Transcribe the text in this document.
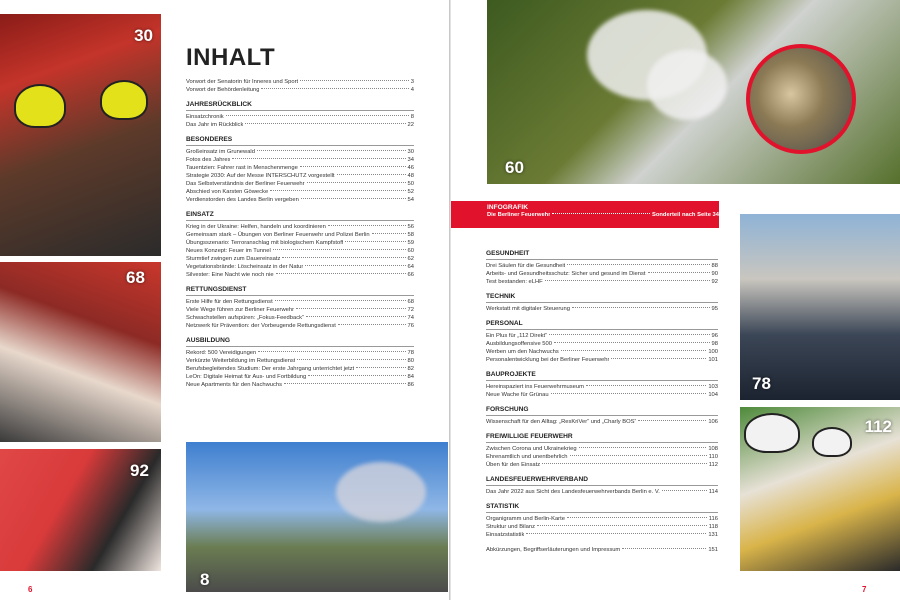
30
68
92
8
INHALT
Vorwort der Senatorin für Inneres und Sport	3
Vorwort der Behördenleitung	4
JAHRESRÜCKBLICK
Einsatzchronik	8
Das Jahr im Rückblick	22
BESONDERES
Großeinsatz im Grunewald	30
Fotos des Jahres	34
Tauentzien: Fahrer rast in Menschenmenge	46
Strategie 2030: Auf der Messe INTERSCHUTZ vorgestellt	48
Das Selbstverständnis der Berliner Feuerwehr	50
Abschied von Karsten Göwecke	52
Verdienstorden des Landes Berlin vergeben	54
EINSATZ
Krieg in der Ukraine: Helfen, handeln und koordinieren	56
Gemeinsam stark – Übungen von Berliner Feuerwehr und Polizei Berlin	58
Übungsszenario: Terroranschlag mit biologischem Kampfstoff	59
Neues Konzept: Feuer im Tunnel	60
Sturmtief zwingen zum Dauereinsatz	62
Vegetationsbrände: Löscheinsatz in der Natur	64
Silvester: Eine Nacht wie noch nie	66
RETTUNGSDIENST
Erste Hilfe für den Rettungsdienst	68
Viele Wege führen zur Berliner Feuerwehr	72
Schwachstellen aufspüren: „Fokus-Feedback“	74
Netzwerk für Prävention: der Vorbeugende Rettungsdienst	76
AUSBILDUNG
Rekord: 500 Vereidigungen	78
Verkürzte Weiterbildung im Rettungsdienst	80
Berufsbegleitendes Studium: Der erste Jahrgang unterrichtet jetzt	82
LeOn: Digitale Heimat für Aus- und Fortbildung	84
Neue Apartments für den Nachwuchs	86
60
78
112
INFOGRAFIK
Die Berliner Feuerwehr	Sonderteil nach Seite 34
GESUNDHEIT
Drei Säulen für die Gesundheit	88
Arbeits- und Gesundheitsschutz: Sicher und gesund im Dienst	90
Test bestanden: eLHF	92
TECHNIK
Werkstatt mit digitaler Steuerung	95
PERSONAL
Ein Plus für „112 Direkt“	96
Ausbildungsoffensive 500	98
Werben um den Nachwuchs	100
Personalentwicklung bei der Berliner Feuerwehr	101
BAUPROJEKTE
Hereinspaziert ins Feuerwehrmuseum	103
Neue Wache für Grünau	104
FORSCHUNG
Wissenschaft für den Alltag: „ResKriVer“ und „Charly BOS“	106
FREIWILLIGE FEUERWEHR
Zwischen Corona und Ukrainekrieg	108
Ehrenamtlich und unentbehrlich	110
Üben für den Einsatz	112
LANDESFEUERWEHRVERBAND
Das Jahr 2022 aus Sicht des Landesfeuerwehrverbands Berlin e. V.	114
STATISTIK
Organigramm und Berlin-Karte	116
Struktur und Bilanz	118
Einsatzstatistik	131
Abkürzungen, Begriffserläuterungen und Impressum	151
6	7
